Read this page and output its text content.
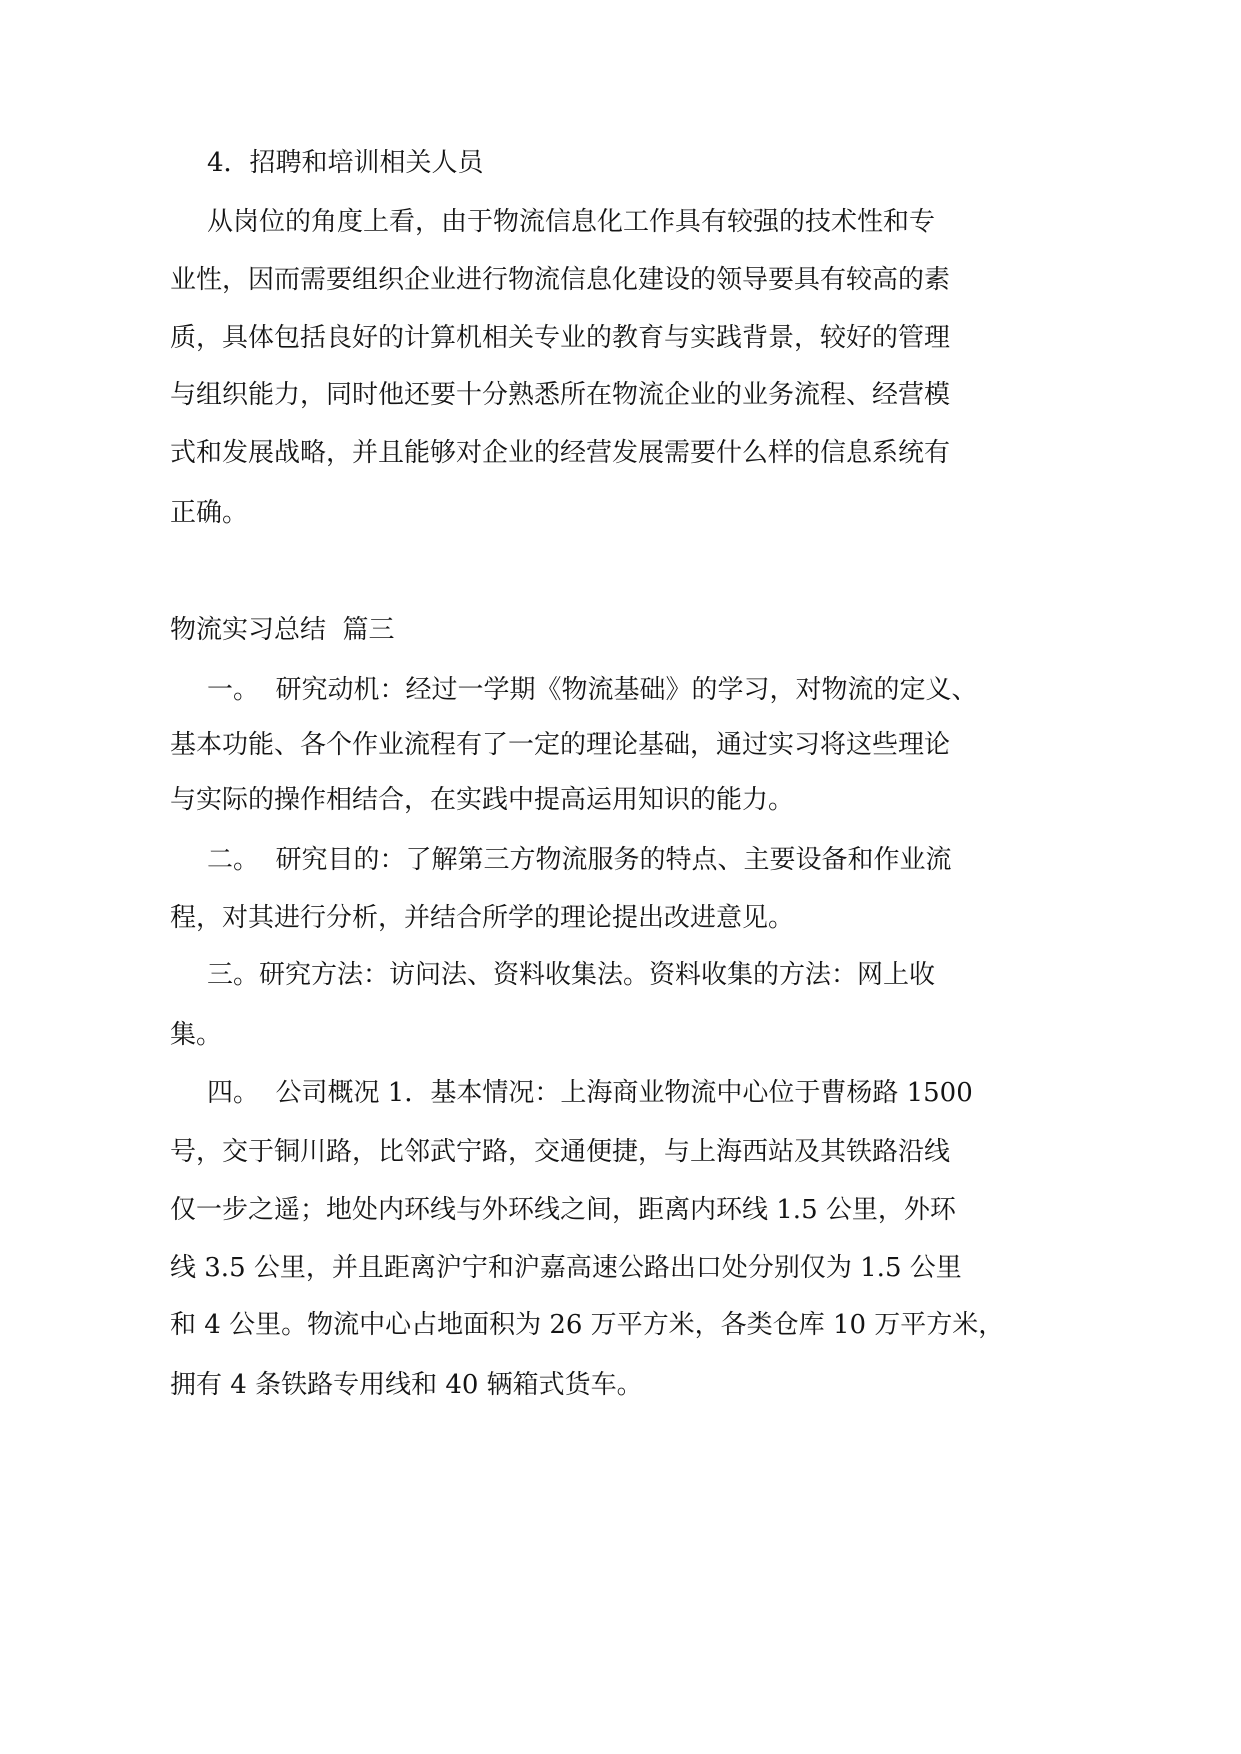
4．招聘和培训相关人员
从岗位的角度上看，由于物流信息化工作具有较强的技术性和专
业性，因而需要组织企业进行物流信息化建设的领导要具有较高的素
质，具体包括良好的计算机相关专业的教育与实践背景，较好的管理
与组织能力，同时他还要十分熟悉所在物流企业的业务流程、经营模
式和发展战略，并且能够对企业的经营发展需要什么样的信息系统有
正确。
物流实习总结  篇三
一。  研究动机：经过一学期《物流基础》的学习，对物流的定义、
基本功能、各个作业流程有了一定的理论基础，通过实习将这些理论
与实际的操作相结合，在实践中提高运用知识的能力。
二。  研究目的：了解第三方物流服务的特点、主要设备和作业流
程，对其进行分析，并结合所学的理论提出改进意见。
三。研究方法：访问法、资料收集法。资料收集的方法：网上收
集。
四。  公司概况 1．基本情况：上海商业物流中心位于曹杨路 1500
号，交于铜川路，比邻武宁路，交通便捷，与上海西站及其铁路沿线
仅一步之遥；地处内环线与外环线之间，距离内环线 1.5 公里，外环
线 3.5 公里，并且距离沪宁和沪嘉高速公路出口处分别仅为 1.5 公里
和 4 公里。物流中心占地面积为 26 万平方米，各类仓库 10 万平方米，
拥有 4 条铁路专用线和 40 辆箱式货车。
